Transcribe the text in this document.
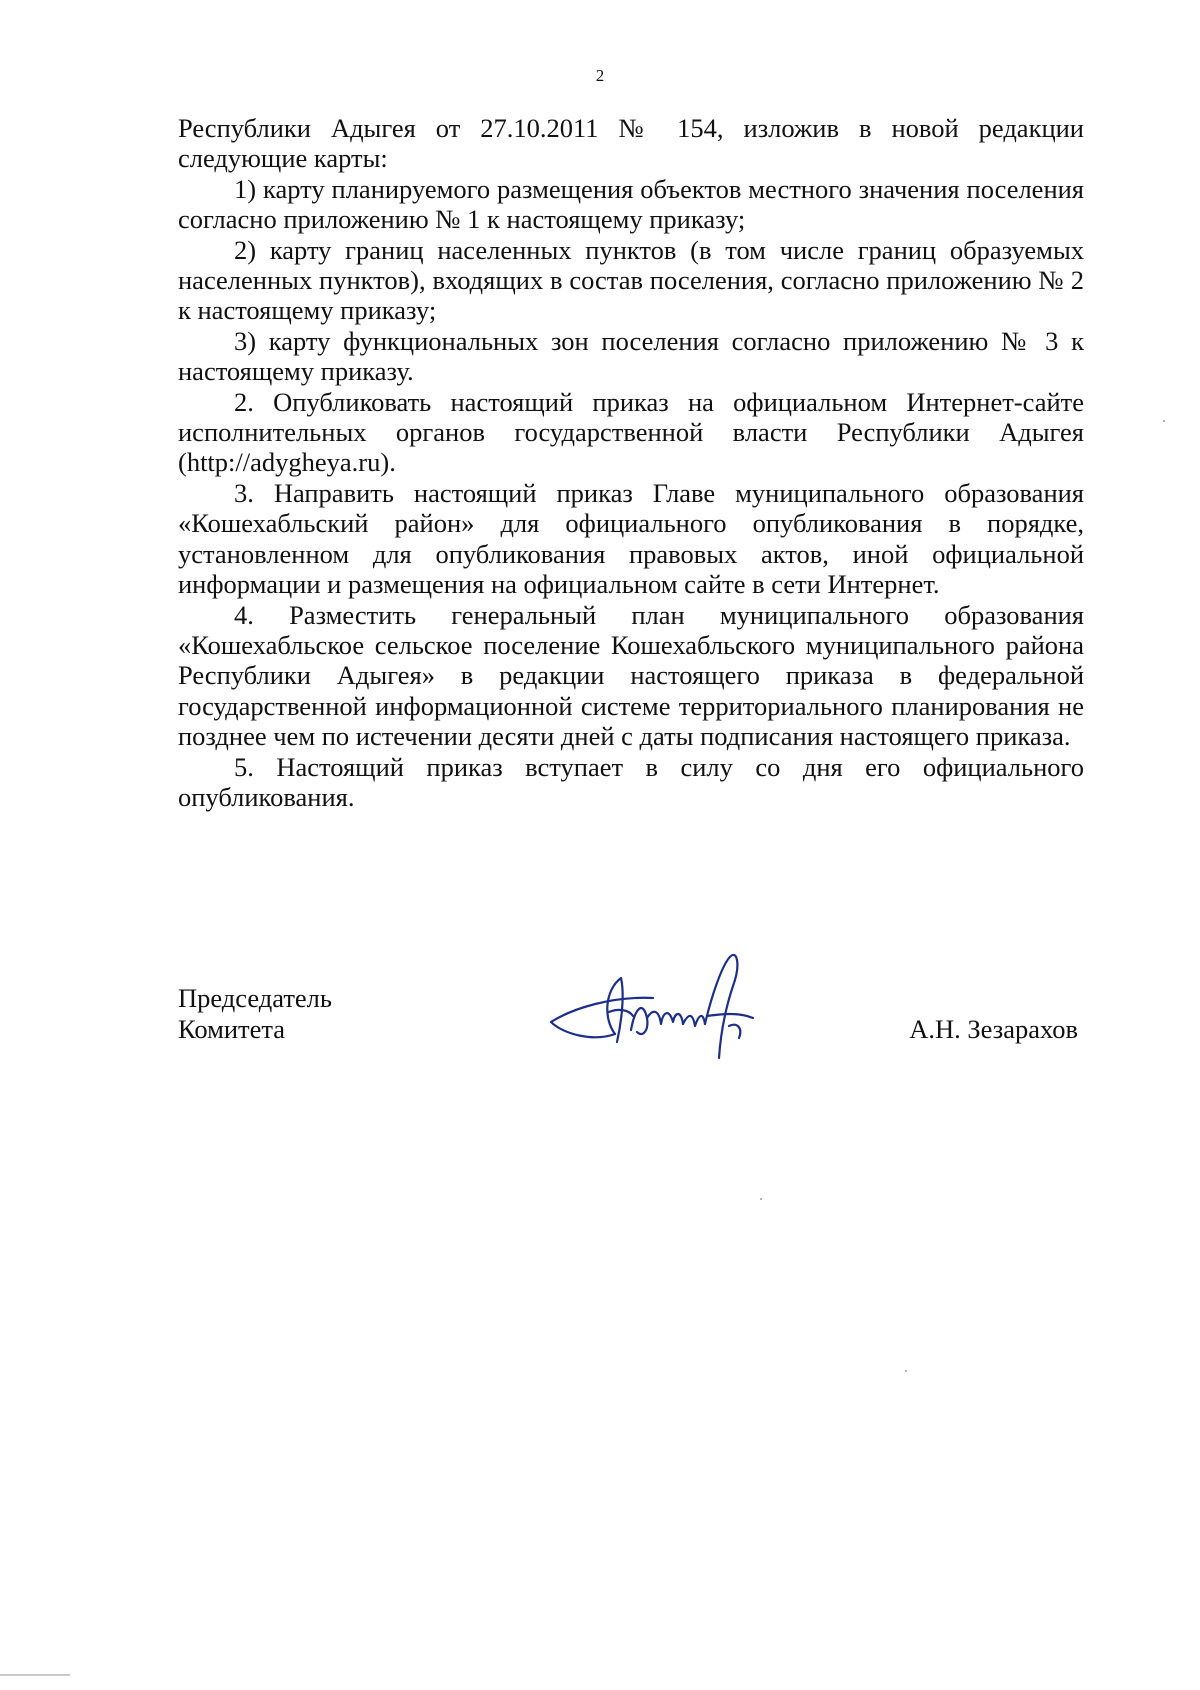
2

Республики Адыгея от 27.10.2011 № 154, изложив в новой редакции следующие карты:

1) карту планируемого размещения объектов местного значения поселения согласно приложению № 1 к настоящему приказу;

2) карту границ населенных пунктов (в том числе границ образуемых населенных пунктов), входящих в состав поселения, согласно приложению № 2 к настоящему приказу;

3) карту функциональных зон поселения согласно приложению № 3 к настоящему приказу.

2. Опубликовать настоящий приказ на официальном Интернет-сайте исполнительных органов государственной власти Республики Адыгея (http://adygheya.ru).

3. Направить настоящий приказ Главе муниципального образования «Кошехабльский район» для официального опубликования в порядке, установленном для опубликования правовых актов, иной официальной информации и размещения на официальном сайте в сети Интернет.

4. Разместить генеральный план муниципального образования «Кошехабльское сельское поселение Кошехабльского муниципального района Республики Адыгея» в редакции настоящего приказа в федеральной государственной информационной системе территориального планирования не позднее чем по истечении десяти дней с даты подписания настоящего приказа.

5. Настоящий приказ вступает в силу со дня его официального опубликования.

Председатель
Комитета	А.Н. Зезарахов
